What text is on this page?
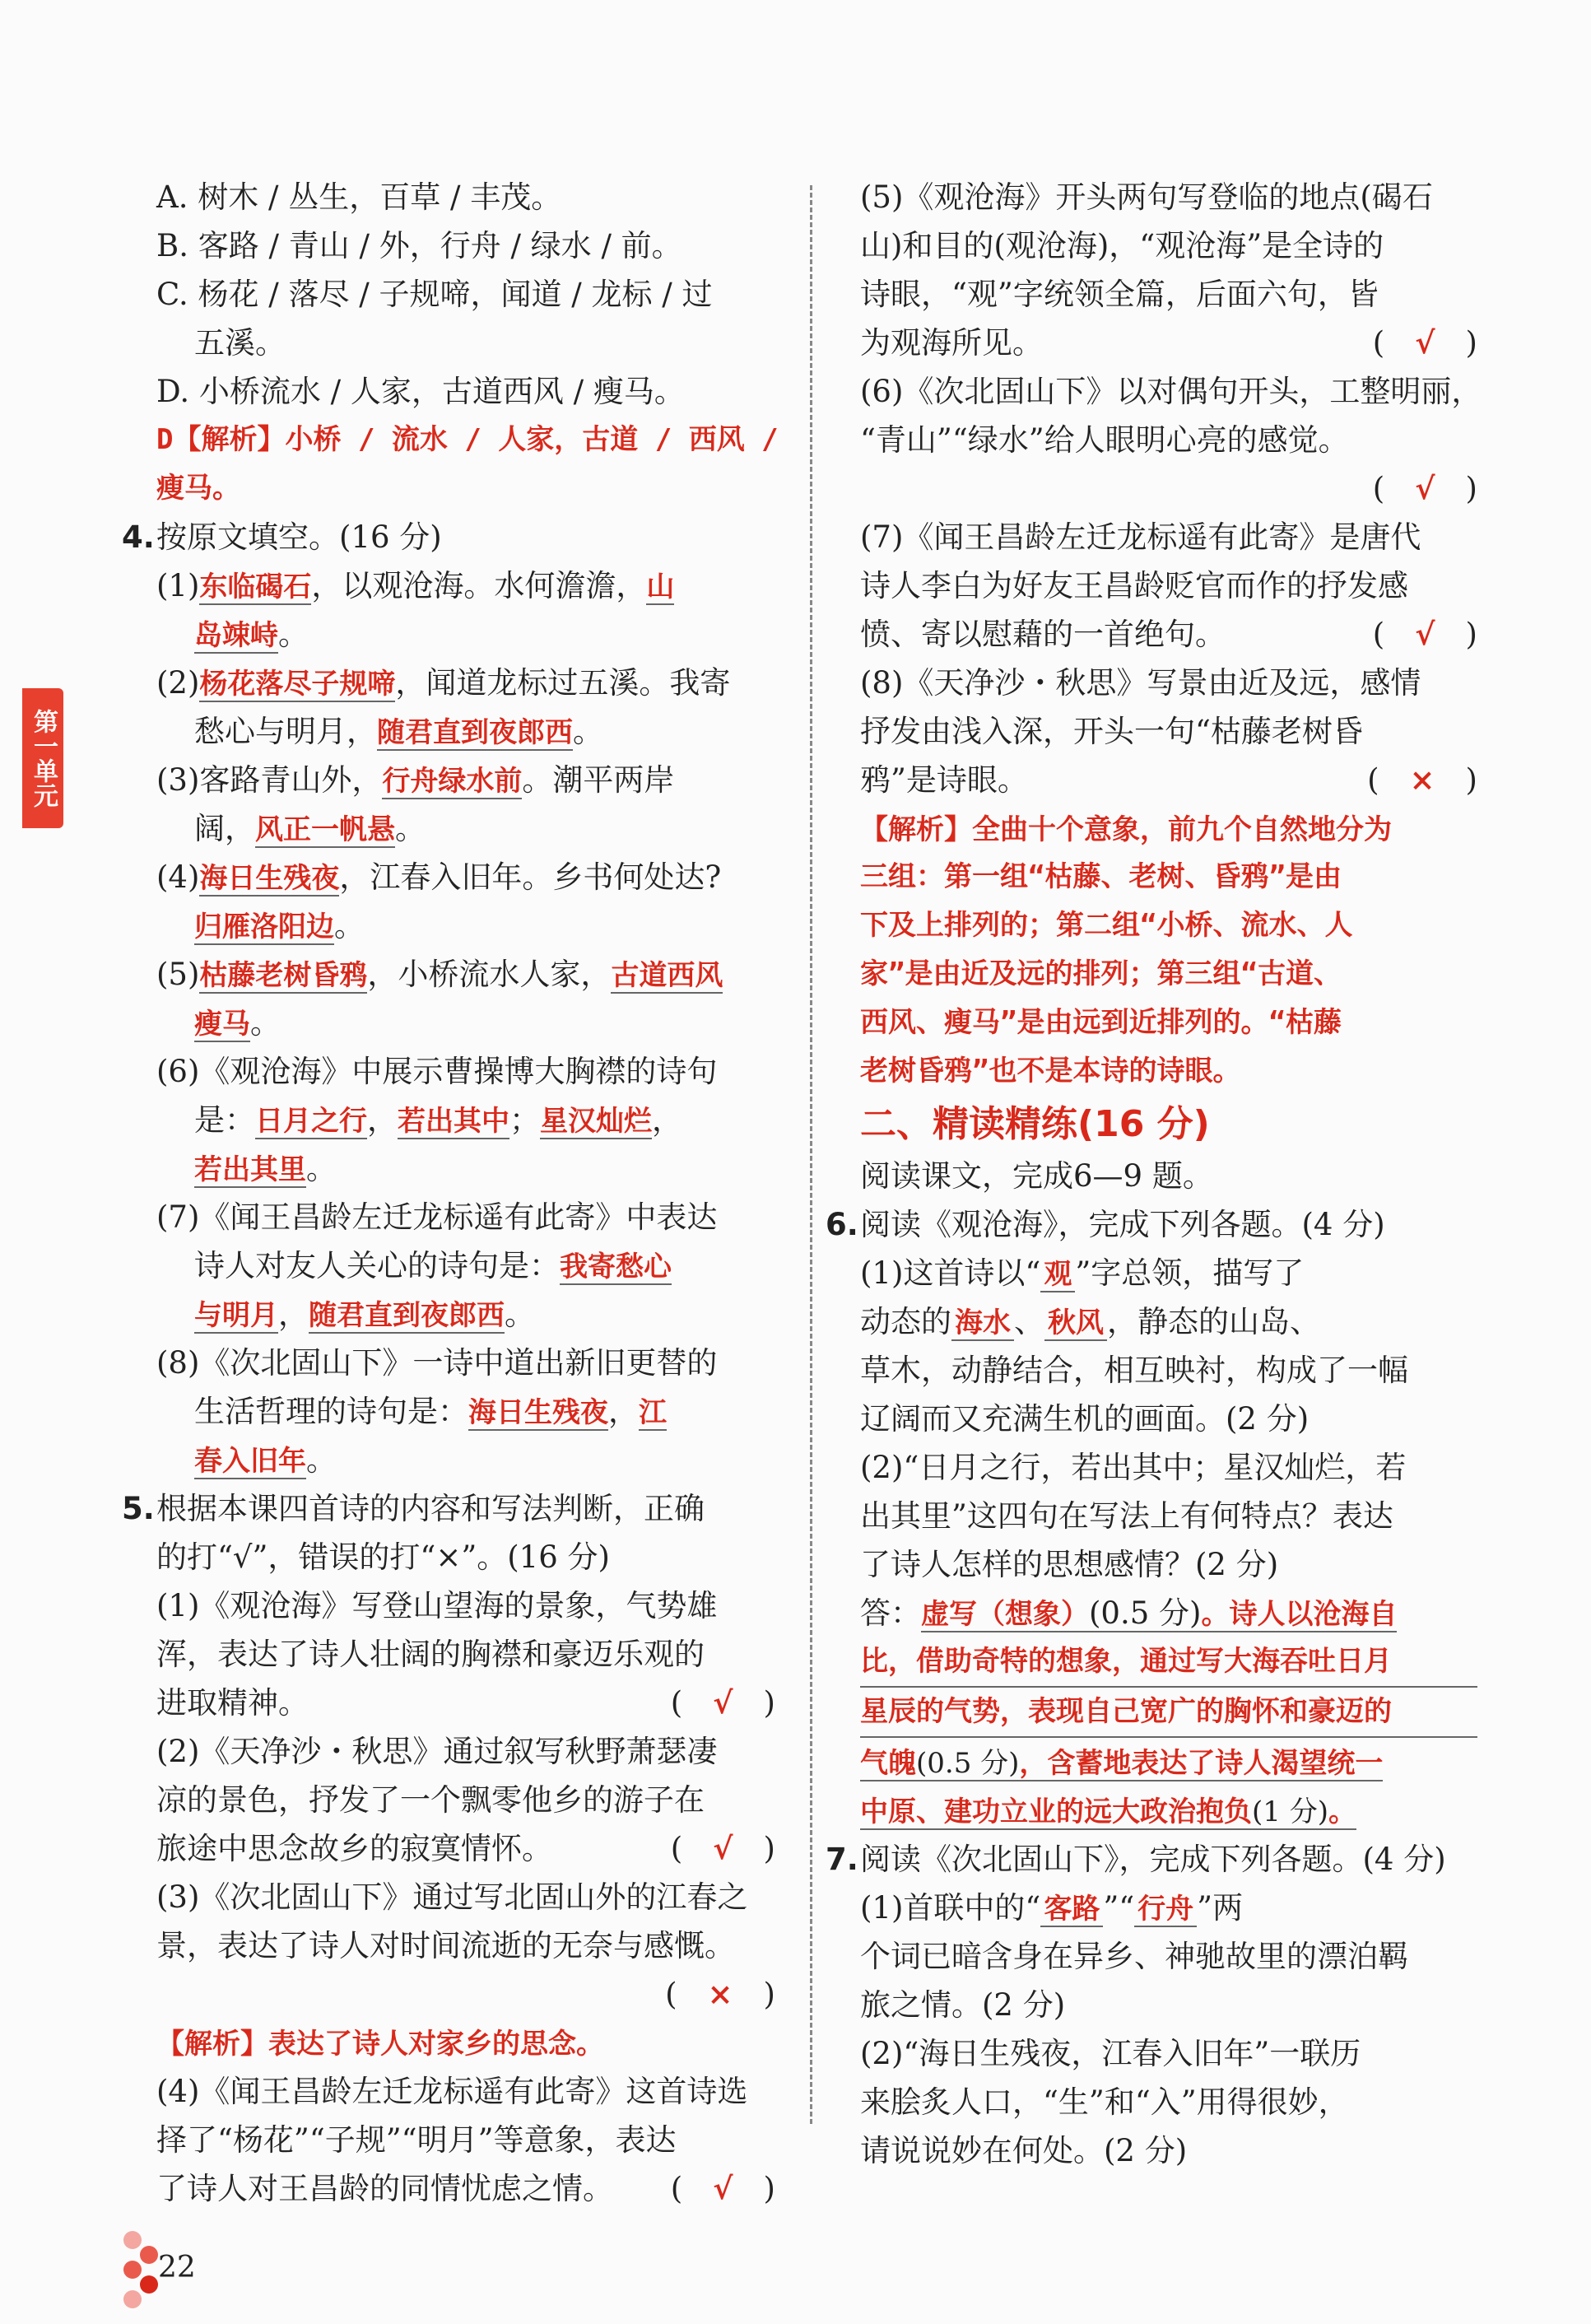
第一单元
A. 树木 / 丛生，百草 / 丰茂。
B. 客路 / 青山 / 外，行舟 / 绿水 / 前。
C. 杨花 / 落尽 / 子规啼，闻道 / 龙标 / 过
五溪。
D. 小桥流水 / 人家，古道西风 / 瘦马。
D【解析】小桥 / 流水 / 人家，古道 / 西风 /
瘦马。
4. 按原文填空。(16 分)
(1)东临碣石，以观沧海。水何澹澹，山
岛竦峙。
(2)杨花落尽子规啼，闻道龙标过五溪。我寄
愁心与明月，随君直到夜郎西。
(3)客路青山外，行舟绿水前。潮平两岸
阔，风正一帆悬。
(4)海日生残夜，江春入旧年。乡书何处达?
归雁洛阳边。
(5)枯藤老树昏鸦，小桥流水人家，古道西风
瘦马。
(6)《观沧海》中展示曹操博大胸襟的诗句
是：日月之行，若出其中；星汉灿烂，
若出其里。
(7)《闻王昌龄左迁龙标遥有此寄》中表达
诗人对友人关心的诗句是：我寄愁心
与明月，随君直到夜郎西。
(8)《次北固山下》一诗中道出新旧更替的
生活哲理的诗句是：海日生残夜，江
春入旧年。
5. 根据本课四首诗的内容和写法判断，正确
的打“√”，错误的打“×”。(16 分)
(1)《观沧海》写登山望海的景象，气势雄
浑，表达了诗人壮阔的胸襟和豪迈乐观的
进取精神。	(　√　)
(2)《天净沙・秋思》通过叙写秋野萧瑟凄
凉的景色，抒发了一个飘零他乡的游子在
旅途中思念故乡的寂寞情怀。	(　√　)
(3)《次北固山下》通过写北固山外的江春之
景，表达了诗人对时间流逝的无奈与感慨。
(　×　)
【解析】表达了诗人对家乡的思念。
(4)《闻王昌龄左迁龙标遥有此寄》这首诗选
择了“杨花”“子规”“明月”等意象，表达
了诗人对王昌龄的同情忧虑之情。 (　√　)
(5)《观沧海》开头两句写登临的地点(碣石
山)和目的(观沧海)，“观沧海”是全诗的
诗眼，“观”字统领全篇，后面六句，皆
为观海所见。	(　√　)
(6)《次北固山下》以对偶句开头，工整明丽，
“青山”“绿水”给人眼明心亮的感觉。
(　√　)
(7)《闻王昌龄左迁龙标遥有此寄》是唐代
诗人李白为好友王昌龄贬官而作的抒发感
愤、寄以慰藉的一首绝句。	(　√　)
(8)《天净沙・秋思》写景由近及远，感情
抒发由浅入深，开头一句“枯藤老树昏
鸦”是诗眼。	(　×　)
【解析】全曲十个意象，前九个自然地分为
三组：第一组“枯藤、老树、昏鸦”是由
下及上排列的；第二组“小桥、流水、人
家”是由近及远的排列；第三组“古道、
西风、瘦马”是由远到近排列的。“枯藤
老树昏鸦”也不是本诗的诗眼。
二、精读精练(16 分)
阅读课文，完成6—9 题。
6. 阅读《观沧海》，完成下列各题。(4 分)
(1)这首诗以“ 观 ”字总领，描写了
动态的 海水 、 秋风 ，静态的山岛、
草木，动静结合，相互映衬，构成了一幅
辽阔而又充满生机的画面。(2 分)
(2)“日月之行，若出其中；星汉灿烂，若
出其里”这四句在写法上有何特点？表达
了诗人怎样的思想感情？(2 分)
答：虚写（想象）(0.5 分)。诗人以沧海自
比，借助奇特的想象，通过写大海吞吐日月
星辰的气势，表现自己宽广的胸怀和豪迈的
气魄(0.5 分)，含蓄地表达了诗人渴望统一
中原、建功立业的远大政治抱负(1 分)。
7. 阅读《次北固山下》，完成下列各题。(4 分)
(1)首联中的“ 客路 ”“ 行舟 ”两
个词已暗含身在异乡、神驰故里的漂泊羁
旅之情。(2 分)
(2)“海日生残夜，江春入旧年”一联历
来脍炙人口，“生”和“入”用得很妙，
请说说妙在何处。(2 分)
22
